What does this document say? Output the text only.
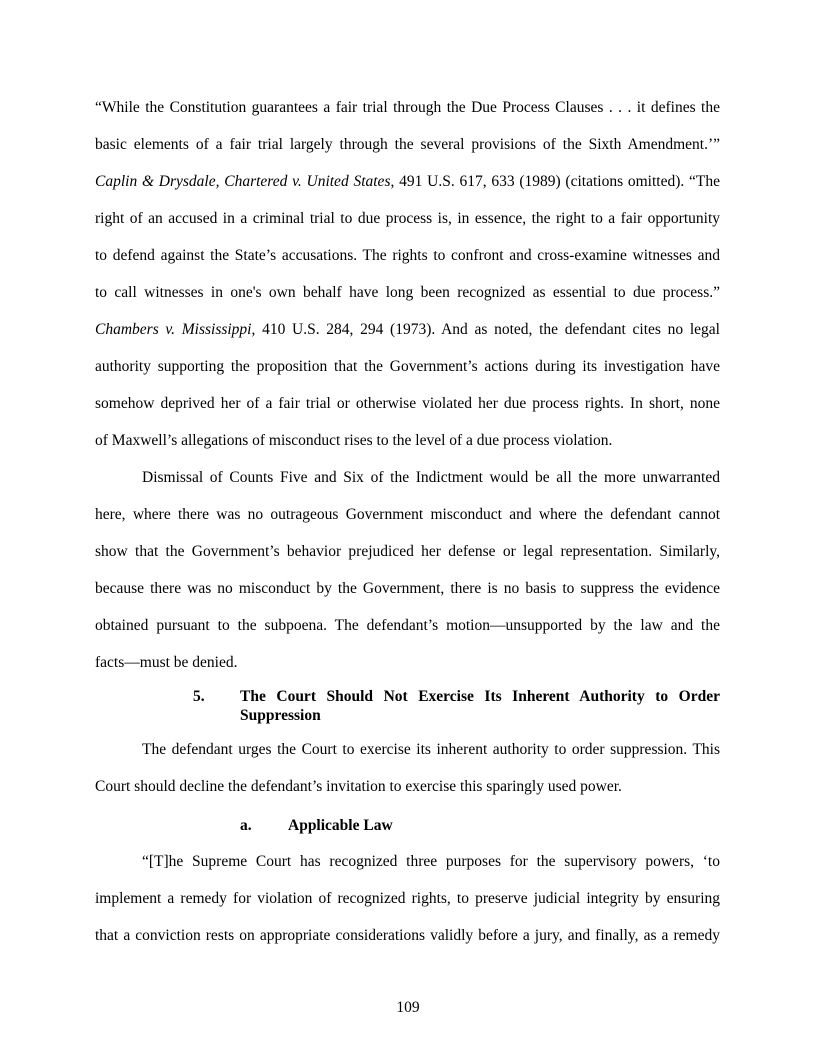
“While the Constitution guarantees a fair trial through the Due Process Clauses . . . it defines the
basic elements of a fair trial largely through the several provisions of the Sixth Amendment.’”
Caplin & Drysdale, Chartered v. United States, 491 U.S. 617, 633 (1989) (citations omitted). “The
right of an accused in a criminal trial to due process is, in essence, the right to a fair opportunity
to defend against the State’s accusations. The rights to confront and cross-examine witnesses and
to call witnesses in one's own behalf have long been recognized as essential to due process.”
Chambers v. Mississippi, 410 U.S. 284, 294 (1973). And as noted, the defendant cites no legal
authority supporting the proposition that the Government’s actions during its investigation have
somehow deprived her of a fair trial or otherwise violated her due process rights. In short, none
of Maxwell’s allegations of misconduct rises to the level of a due process violation.
Dismissal of Counts Five and Six of the Indictment would be all the more unwarranted
here, where there was no outrageous Government misconduct and where the defendant cannot
show that the Government’s behavior prejudiced her defense or legal representation. Similarly,
because there was no misconduct by the Government, there is no basis to suppress the evidence
obtained pursuant to the subpoena. The defendant’s motion—unsupported by the law and the
facts—must be denied.
5.	The Court Should Not Exercise Its Inherent Authority to Order
Suppression
The defendant urges the Court to exercise its inherent authority to order suppression. This
Court should decline the defendant’s invitation to exercise this sparingly used power.
a.	Applicable Law
“[T]he Supreme Court has recognized three purposes for the supervisory powers, ‘to
implement a remedy for violation of recognized rights, to preserve judicial integrity by ensuring
that a conviction rests on appropriate considerations validly before a jury, and finally, as a remedy
109
